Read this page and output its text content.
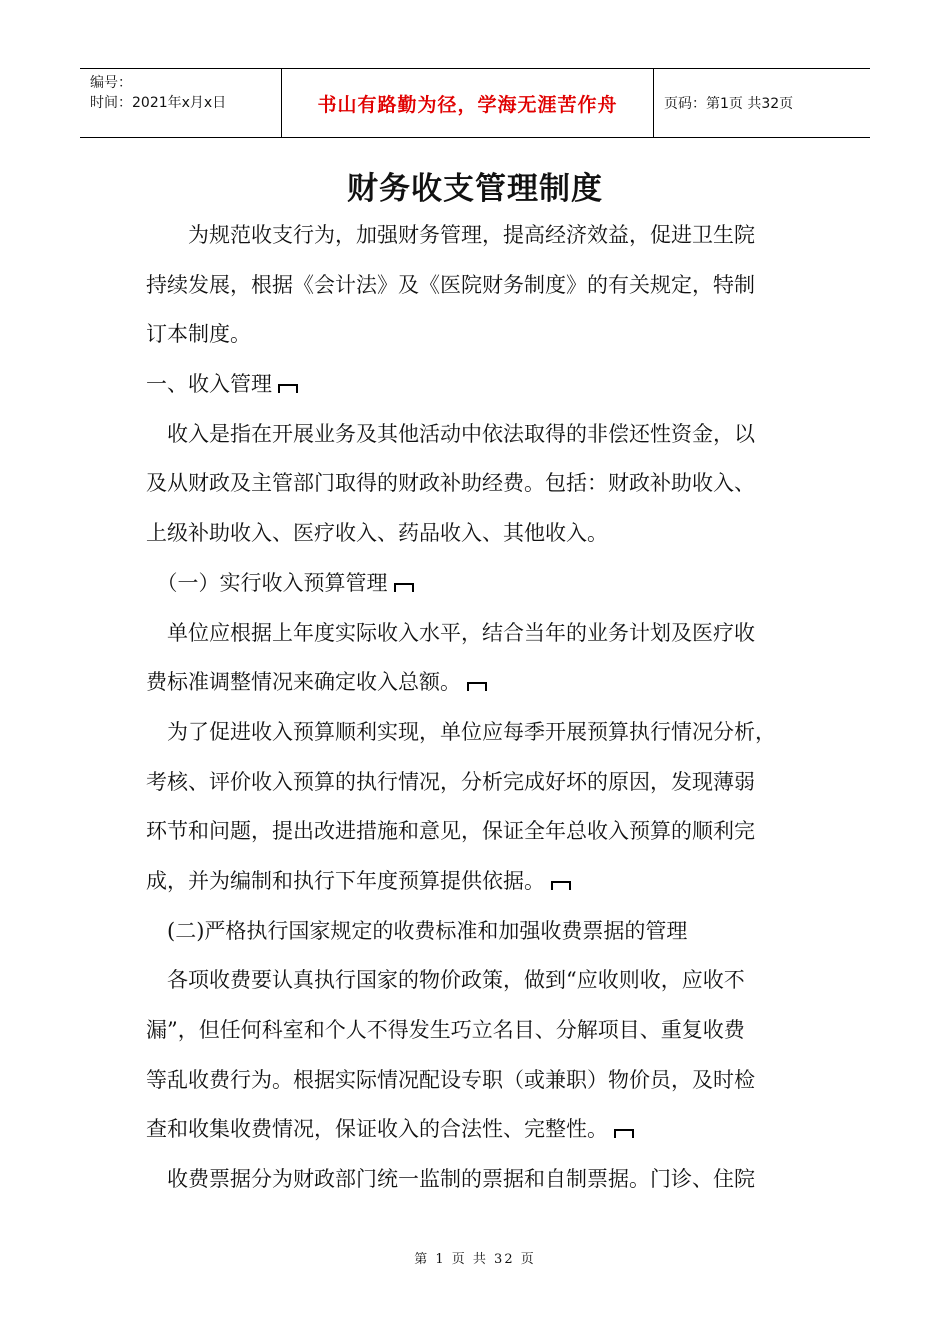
编号：
时间：2021年x月x日	书山有路勤为径，学海无涯苦作舟	页码：第1页 共32页
财务收支管理制度
　　为规范收支行为，加强财务管理，提高经济效益，促进卫生院
持续发展，根据《会计法》及《医院财务制度》的有关规定，特制
订本制度。
一、收入管理
　收入是指在开展业务及其他活动中依法取得的非偿还性资金，以
及从财政及主管部门取得的财政补助经费。包括：财政补助收入、
上级补助收入、医疗收入、药品收入、其他收入。
　（一）实行收入预算管理
　单位应根据上年度实际收入水平，结合当年的业务计划及医疗收
费标准调整情况来确定收入总额。
　为了促进收入预算顺利实现，单位应每季开展预算执行情况分析，
考核、评价收入预算的执行情况，分析完成好坏的原因，发现薄弱
环节和问题，提出改进措施和意见，保证全年总收入预算的顺利完
成，并为编制和执行下年度预算提供依据。
　(二)严格执行国家规定的收费标准和加强收费票据的管理
　各项收费要认真执行国家的物价政策，做到“应收则收，应收不
漏”，但任何科室和个人不得发生巧立名目、分解项目、重复收费
等乱收费行为。根据实际情况配设专职（或兼职）物价员，及时检
查和收集收费情况，保证收入的合法性、完整性。
　收费票据分为财政部门统一监制的票据和自制票据。门诊、住院
第 1 页 共 32 页
